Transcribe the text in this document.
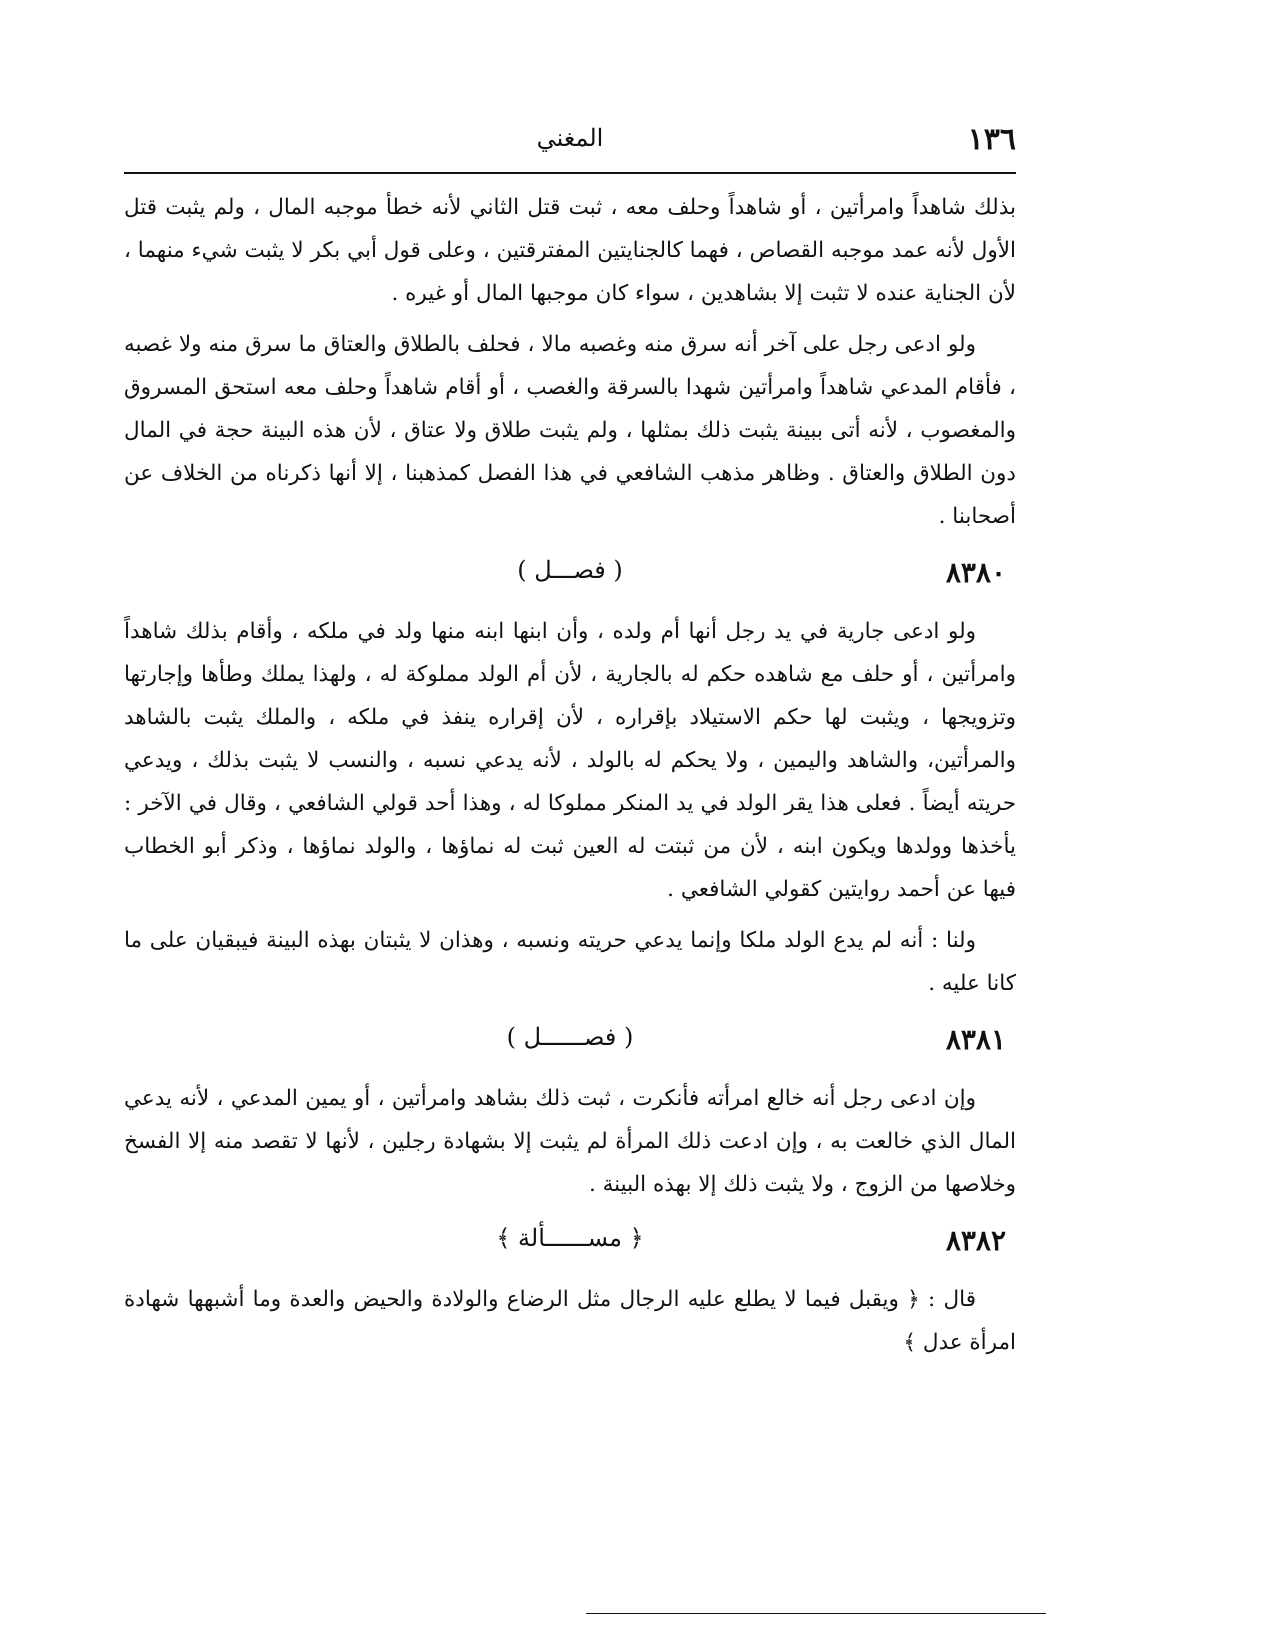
١٣٦
المغني

بذلك شاهداً وامرأتين ، أو شاهداً وحلف معه ، ثبت قتل الثاني لأنه خطأ موجبه المال ، ولم يثبت قتل الأول لأنه عمد موجبه القصاص ، فهما كالجنايتين المفترقتين ، وعلى قول أبي بكر لا يثبت شيء منهما ، لأن الجناية عنده لا تثبت إلا بشاهدين ، سواء كان موجبها المال أو غيره .

ولو ادعى رجل على آخر أنه سرق منه وغصبه مالا ، فحلف بالطلاق والعتاق ما سرق منه ولا غصبه ، فأقام المدعي شاهداً وامرأتين شهدا بالسرقة والغصب ، أو أقام شاهداً وحلف معه استحق المسروق والمغصوب ، لأنه أتى ببينة يثبت ذلك بمثلها ، ولم يثبت طلاق ولا عتاق ، لأن هذه البينة حجة في المال دون الطلاق والعتاق . وظاهر مذهب الشافعي في هذا الفصل كمذهبنا ، إلا أنها ذكرناه من الخلاف عن أصحابنا .

٨٣٨٠
( فصـــل )

ولو ادعى جارية في يد رجل أنها أم ولده ، وأن ابنها ابنه منها ولد في ملكه ، وأقام بذلك شاهداً وامرأتين ، أو حلف مع شاهده حكم له بالجارية ، لأن أم الولد مملوكة له ، ولهذا يملك وطأها وإجارتها وتزويجها ، ويثبت لها حكم الاستيلاد بإقراره ، لأن إقراره ينفذ في ملكه ، والملك يثبت بالشاهد والمرأتين، والشاهد واليمين ، ولا يحكم له بالولد ، لأنه يدعي نسبه ، والنسب لا يثبت بذلك ، ويدعي حريته أيضاً . فعلى هذا يقر الولد في يد المنكر مملوكا له ، وهذا أحد قولي الشافعي ، وقال في الآخر : يأخذها وولدها ويكون ابنه ، لأن من ثبتت له العين ثبت له نماؤها ، والولد نماؤها ، وذكر أبو الخطاب فيها عن أحمد روايتين كقولي الشافعي .

ولنا : أنه لم يدع الولد ملكا وإنما يدعي حريته ونسبه ، وهذان لا يثبتان بهذه البينة فيبقيان على ما كانا عليه .

٨٣٨١
( فصــــــل )

وإن ادعى رجل أنه خالع امرأته فأنكرت ، ثبت ذلك بشاهد وامرأتين ، أو يمين المدعي ، لأنه يدعي المال الذي خالعت به ، وإن ادعت ذلك المرأة لم يثبت إلا بشهادة رجلين ، لأنها لا تقصد منه إلا الفسخ وخلاصها من الزوج ، ولا يثبت ذلك إلا بهذه البينة .

٨٣٨٢
﴿ مســــــألة ﴾

قال : ﴿ ويقبل فيما لا يطلع عليه الرجال مثل الرضاع والولادة والحيض والعدة وما أشبهها شهادة امرأة عدل ﴾
